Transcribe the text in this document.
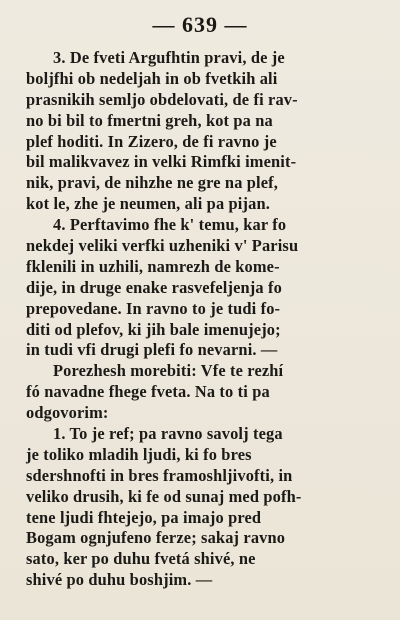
— 639 —
3. De fveti Argufhtin pravi, de je
boljfhi ob nedeljah in ob fvetkih ali
prasnikih semljo obdelovati, de fi rav-
no bi bil to fmertni greh, kot pa na
plef hoditi. In Zizero, de fi ravno je
bil malikvavez in velki Rimfki imenit-
nik, pravi, de nihzhe ne gre na plef,
kot le, zhe je neumen, ali pa pijan.
4. Perftavimo fhe k' temu, kar fo
nekdej veliki verfki uzheniki v' Parisu
fklenili in uzhili, namrezh de kome-
dije, in druge enake rasvefeljenja fo
prepovedane. In ravno to je tudi fo-
diti od plefov, ki jih bale imenujejo;
in tudi vfi drugi plefi fo nevarni. —
Porezhesh morebiti: Vfe te rezhí
fó navadne fhege fveta. Na to ti pa
odgovorim:
1. To je ref; pa ravno savolj tega
je toliko mladih ljudi, ki fo bres
sdershnofti in bres framoshljivofti, in
veliko drusih, ki fe od sunaj med pofh-
tene ljudi fhtejejo, pa imajo pred
Bogam ognjufeno ferze; sakaj ravno
sato, ker po duhu fvetá shivé, ne
shivé po duhu boshjim. —
